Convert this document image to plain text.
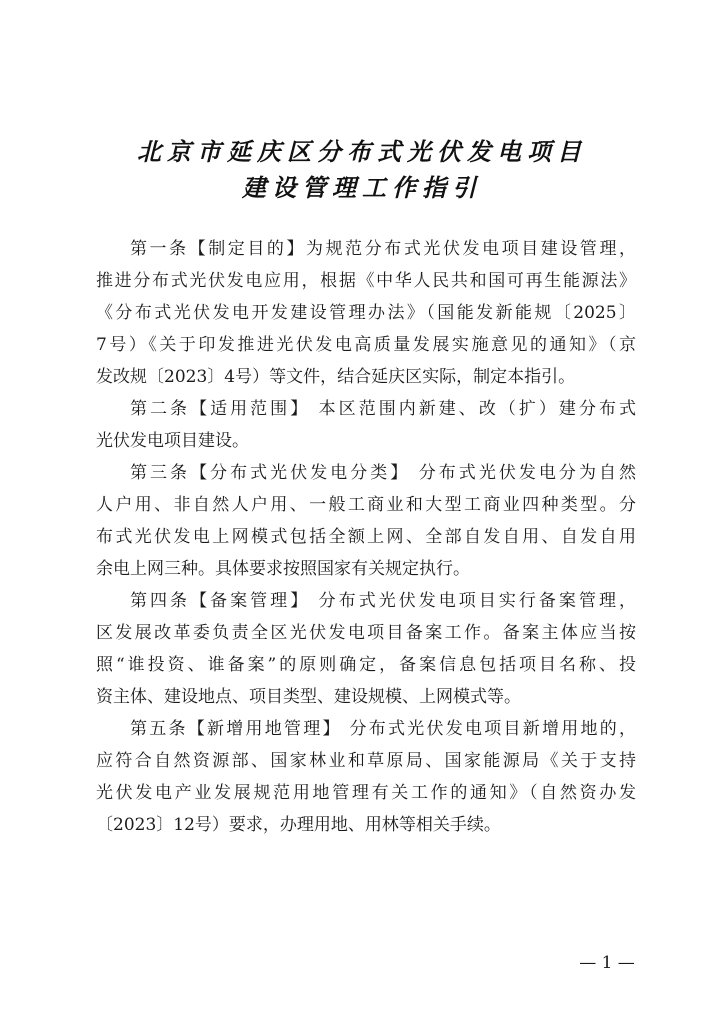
北京市延庆区分布式光伏发电项目
建设管理工作指引
第一条【制定目的】为规范分布式光伏发电项目建设管理，
推进分布式光伏发电应用，根据《中华人民共和国可再生能源法》
《分布式光伏发电开发建设管理办法》（国能发新能规〔2025〕
7号）《关于印发推进光伏发电高质量发展实施意见的通知》（京
发改规〔2023〕4号）等文件，结合延庆区实际，制定本指引。
第二条【适用范围】 本区范围内新建、改（扩）建分布式
光伏发电项目建设。
第三条【分布式光伏发电分类】 分布式光伏发电分为自然
人户用、非自然人户用、一般工商业和大型工商业四种类型。分
布式光伏发电上网模式包括全额上网、全部自发自用、自发自用
余电上网三种。具体要求按照国家有关规定执行。
第四条【备案管理】 分布式光伏发电项目实行备案管理，
区发展改革委负责全区光伏发电项目备案工作。备案主体应当按
照“谁投资、谁备案”的原则确定，备案信息包括项目名称、投
资主体、建设地点、项目类型、建设规模、上网模式等。
第五条【新增用地管理】 分布式光伏发电项目新增用地的，
应符合自然资源部、国家林业和草原局、国家能源局《关于支持
光伏发电产业发展规范用地管理有关工作的通知》（自然资办发
〔2023〕12号）要求，办理用地、用林等相关手续。
— 1 —
